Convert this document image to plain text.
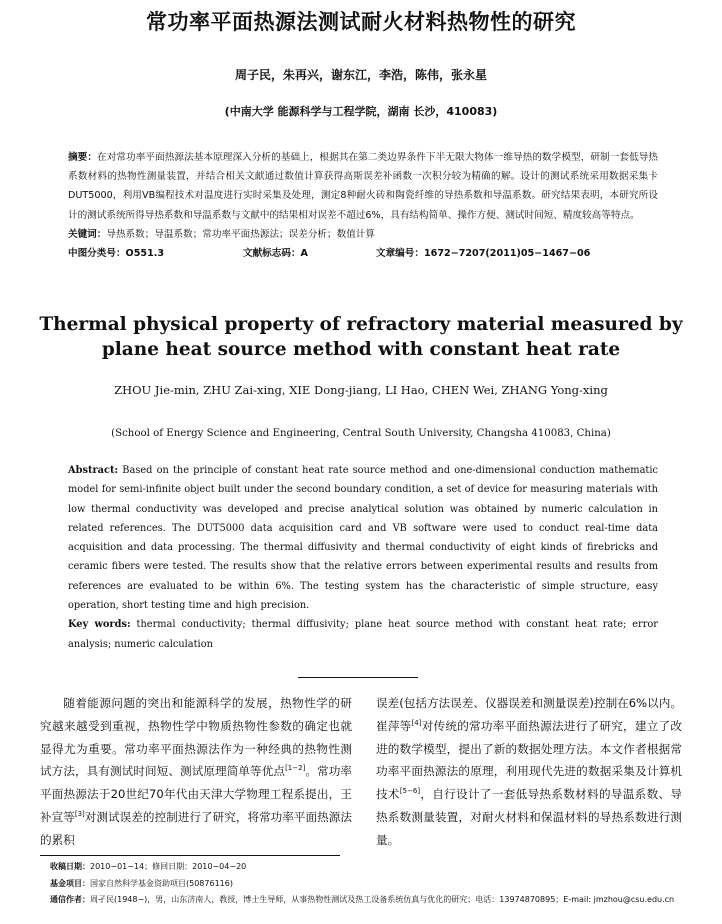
常功率平面热源法测试耐火材料热物性的研究
周子民，朱再兴，谢东江，李浩，陈伟，张永星
(中南大学 能源科学与工程学院，湖南 长沙，410083)
摘要：在对常功率平面热源法基本原理深入分析的基础上，根据其在第二类边界条件下半无限大物体一维导热的数学模型，研制一套低导热系数材料的热物性测量装置，并结合相关文献通过数值计算获得高斯误差补函数一次积分较为精确的解。设计的测试系统采用数据采集卡DUT5000，利用VB编程技术对温度进行实时采集及处理，测定8种耐火砖和陶瓷纤维的导热系数和导温系数。研究结果表明，本研究所设计的测试系统所得导热系数和导温系数与文献中的结果相对误差不超过6%，具有结构简单、操作方便、测试时间短、精度较高等特点。
关键词：导热系数；导温系数；常功率平面热源法；误差分析；数值计算
中图分类号：O551.3	文献标志码：A	文章编号：1672−7207(2011)05−1467−06
Thermal physical property of refractory material measured by
plane heat source method with constant heat rate
ZHOU Jie-min, ZHU Zai-xing, XIE Dong-jiang, LI Hao, CHEN Wei, ZHANG Yong-xing
(School of Energy Science and Engineering, Central South University, Changsha 410083, China)
Abstract: Based on the principle of constant heat rate source method and one-dimensional conduction mathematic model for semi-infinite object built under the second boundary condition, a set of device for measuring materials with low thermal conductivity was developed and precise analytical solution was obtained by numeric calculation in related references. The DUT5000 data acquisition card and VB software were used to conduct real-time data acquisition and data processing. The thermal diffusivity and thermal conductivity of eight kinds of firebricks and ceramic fibers were tested. The results show that the relative errors between experimental results and results from references are evaluated to be within 6%. The testing system has the characteristic of simple structure, easy operation, short testing time and high precision.
Key words: thermal conductivity; thermal diffusivity; plane heat source method with constant heat rate; error analysis; numeric calculation
随着能源问题的突出和能源科学的发展，热物性学的研究越来越受到重视，热物性学中物质热物性参数的确定也就显得尤为重要。常功率平面热源法作为一种经典的热物性测试方法，具有测试时间短、测试原理简单等优点[1−2]。常功率平面热源法于20世纪70年代由天津大学物理工程系提出，王补宣等[3]对测试误差的控制进行了研究，将常功率平面热源法的累积
误差(包括方法误差、仪器误差和测量误差)控制在6%以内。崔萍等[4]对传统的常功率平面热源法进行了研究，建立了改进的数学模型，提出了新的数据处理方法。本文作者根据常功率平面热源法的原理，利用现代先进的数据采集及计算机技术[5−6]，自行设计了一套低导热系数材料的导温系数、导热系数测量装置，对耐火材料和保温材料的导热系数进行测量。
收稿日期：2010−01−14；修回日期：2010−04−20
基金项目：国家自然科学基金资助项目(50876116)
通信作者：周孑民(1948−)，男，山东济南人，教授，博士生导师，从事热物性测试及热工设备系统仿真与优化的研究；电话：13974870895；E-mail: jmzhou@csu.edu.cn
